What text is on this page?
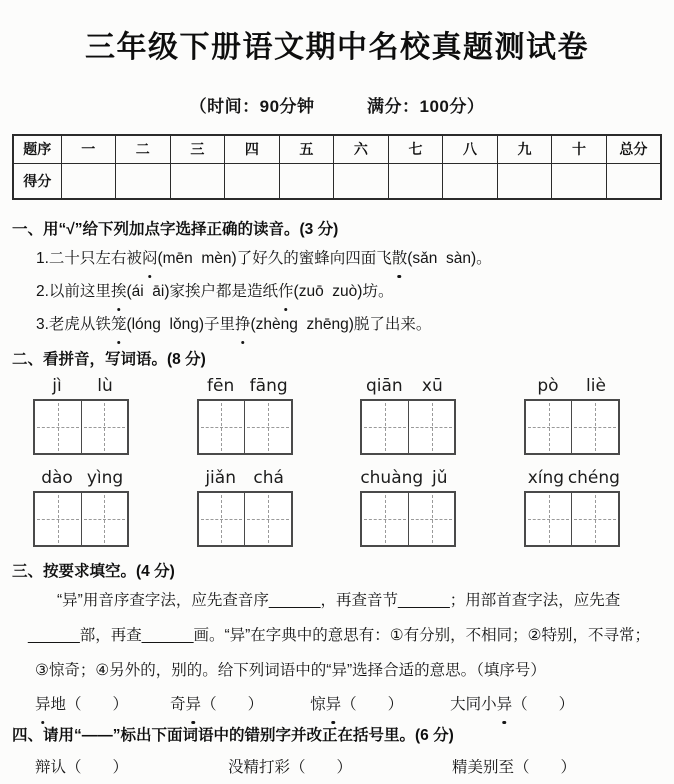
三年级下册语文期中名校真题测试卷
（时间：90分钟　　　满分：100分）
题序	一	二	三	四	五	六	七	八	九	十	总分
得分											
一、用“√”给下列加点字选择正确的读音。(3 分)
1.二十只左右被闷(mēn  mèn)了好久的蜜蜂向四面飞散(sǎn  sàn)。
2.以前这里挨(ái  āi)家挨户都是造纸作(zuō  zuò)坊。
3.老虎从铁笼(lóng  lǒng)子里挣(zhèng  zhēng)脱了出来。
二、看拼音，写词语。(8 分)
jì	lù	fēn fāng	qiān	xū	pò	liè
dào yìng	jiǎn	chá	chuàng jǔ	xíng chéng
三、按要求填空。(4 分)
“异”用音序查字法，应先查音序______，再查音节______；用部首查字法，应先查
______部，再查______画。“异”在字典中的意思有：①有分别，不相同；②特别，不寻常；
③惊奇；④另外的，别的。给下列词语中的“异”选择合适的意思。（填序号）
异地（　　）	奇异（　　）	惊异（　　）	大同小异（　　）
四、请用“——”标出下面词语中的错别字并改正在括号里。(6 分)
辩认（　　）	没精打彩（　　）	精美别至（　　）
